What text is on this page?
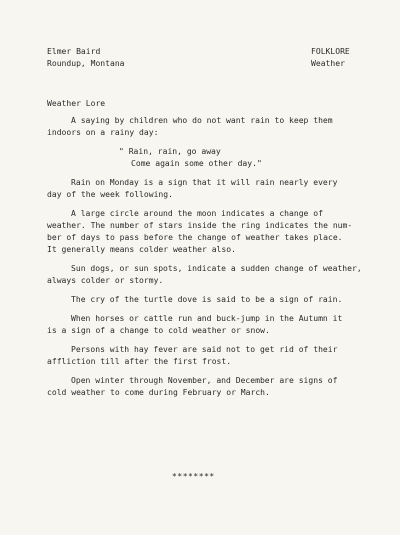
Elmer Baird
Roundup, Montana
FOLKLORE
Weather
Weather Lore
A saying by children who do not want rain to keep them
indoors on a rainy day:
" Rain, rain, go away
Come again some other day."
Rain on Monday is a sign that it will rain nearly every
day of the week following.
A large circle around the moon indicates a change of
weather. The number of stars inside the ring indicates the num-
ber of days to pass before the change of weather takes place.
It generally means colder weather also.
Sun dogs, or sun spots, indicate a sudden change of weather,
always colder or stormy.
The cry of the turtle dove is said to be a sign of rain.
When horses or cattle run and buck-jump in the Autumn it
is a sign of a change to cold weather or snow.
Persons with hay fever are said not to get rid of their
affliction till after the first frost.
Open winter through November, and December are signs of
cold weather to come during February or March.
********
